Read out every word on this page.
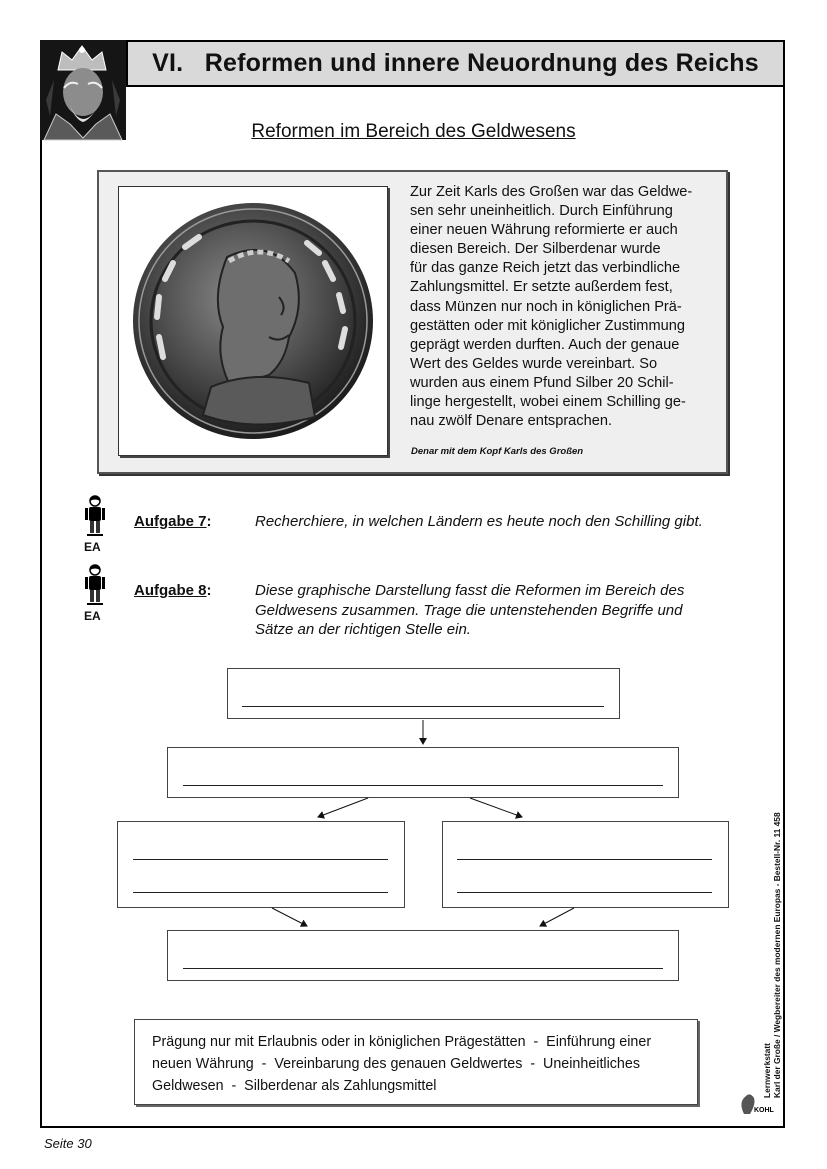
VI.   Reformen und innere Neuordnung des Reichs
Reformen im Bereich des Geldwesens
Zur Zeit Karls des Großen war das Geldwe-
sen sehr uneinheitlich. Durch Einführung
einer neuen Währung reformierte er auch
diesen Bereich. Der Silberdenar wurde
für das ganze Reich jetzt das verbindliche
Zahlungsmittel. Er setzte außerdem fest,
dass Münzen nur noch in königlichen Prä-
gestätten oder mit königlicher Zustimmung
geprägt werden durften. Auch der genaue
Wert des Geldes wurde vereinbart. So
wurden aus einem Pfund Silber 20 Schil-
linge hergestellt, wobei einem Schilling ge-
nau zwölf Denare entsprachen.
Denar mit dem Kopf Karls des Großen
EA
Aufgabe 7:	Recherchiere, in welchen Ländern es heute noch den Schilling gibt.
EA
Aufgabe 8:	Diese graphische Darstellung fasst die Reformen im Bereich des
Geldwesens zusammen. Trage die untenstehenden Begriffe und
Sätze an der richtigen Stelle ein.
Prägung nur mit Erlaubnis oder in königlichen Prägestätten  -  Einführung einer
neuen Währung  -  Vereinbarung des genauen Geldwertes  -  Uneinheitliches
Geldwesen  -  Silberdenar als Zahlungsmittel	Lernwerkstatt Karl der Große / Wegbereiter des modernen Europas - Bestell-Nr. 11 458
KOHL
Seite 30
